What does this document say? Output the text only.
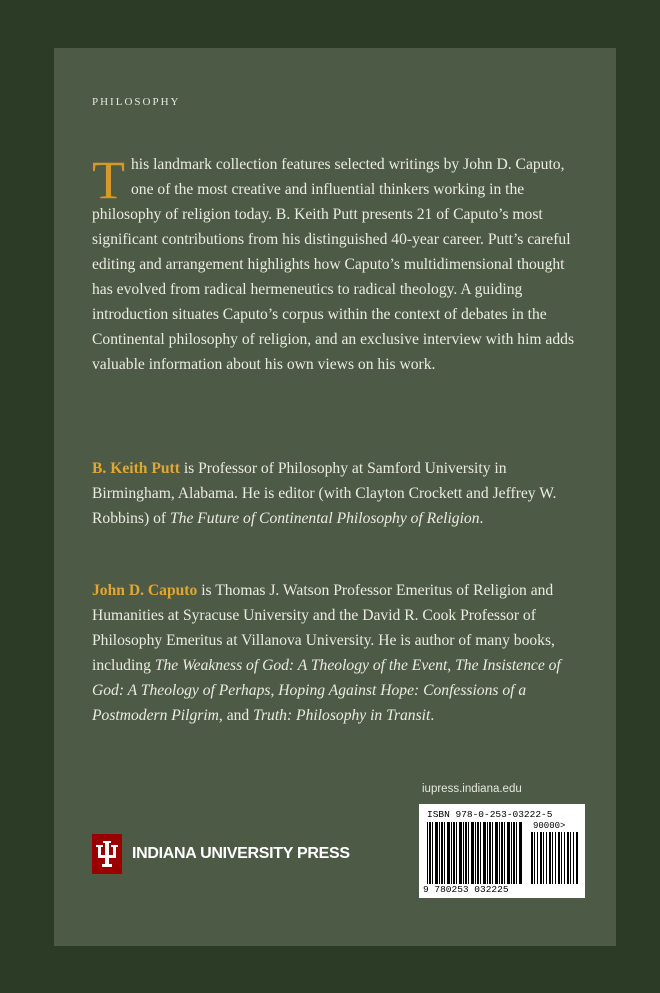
PHILOSOPHY
This landmark collection features selected writings by John D. Caputo, one of the most creative and influential thinkers working in the philosophy of religion today. B. Keith Putt presents 21 of Caputo’s most significant contributions from his distinguished 40-year career. Putt’s careful editing and arrangement highlights how Caputo’s multidimensional thought has evolved from radical hermeneutics to radical theology. A guiding introduction situates Caputo’s corpus within the context of debates in the Continental philosophy of religion, and an exclusive interview with him adds valuable information about his own views on his work.
B. Keith Putt is Professor of Philosophy at Samford University in Birmingham, Alabama. He is editor (with Clayton Crockett and Jeffrey W. Robbins) of The Future of Continental Philosophy of Religion.
John D. Caputo is Thomas J. Watson Professor Emeritus of Religion and Humanities at Syracuse University and the David R. Cook Professor of Philosophy Emeritus at Villanova University. He is author of many books, including The Weakness of God: A Theology of the Event, The Insistence of God: A Theology of Perhaps, Hoping Against Hope: Confessions of a Postmodern Pilgrim, and Truth: Philosophy in Transit.
iupress.indiana.edu
ISBN 978-0-253-03222-5
90000>
9 780253 032225
INDIANA UNIVERSITY PRESS
